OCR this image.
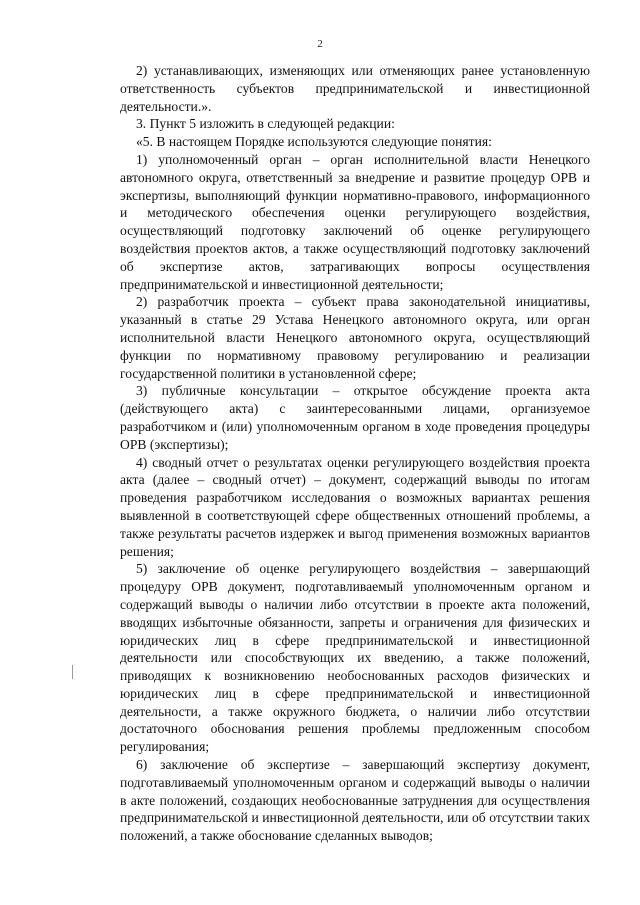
2

2) устанавливающих, изменяющих или отменяющих ранее установленную ответственность субъектов предпринимательской и инвестиционной деятельности.».

3. Пункт 5 изложить в следующей редакции:

«5. В настоящем Порядке используются следующие понятия:

1) уполномоченный орган – орган исполнительной власти Ненецкого автономного округа, ответственный за внедрение и развитие процедур ОРВ и экспертизы, выполняющий функции нормативно-правового, информационного и методического обеспечения оценки регулирующего воздействия, осуществляющий подготовку заключений об оценке регулирующего воздействия проектов актов, а также осуществляющий подготовку заключений об экспертизе актов, затрагивающих вопросы осуществления предпринимательской и инвестиционной деятельности;

2) разработчик проекта – субъект права законодательной инициативы, указанный в статье 29 Устава Ненецкого автономного округа, или орган исполнительной власти Ненецкого автономного округа, осуществляющий функции по нормативному правовому регулированию и реализации государственной политики в установленной сфере;

3) публичные консультации – открытое обсуждение проекта акта (действующего акта) с заинтересованными лицами, организуемое разработчиком и (или) уполномоченным органом в ходе проведения процедуры ОРВ (экспертизы);

4) сводный отчет о результатах оценки регулирующего воздействия проекта акта (далее – сводный отчет) – документ, содержащий выводы по итогам проведения разработчиком исследования о возможных вариантах решения выявленной в соответствующей сфере общественных отношений проблемы, а также результаты расчетов издержек и выгод применения возможных вариантов решения;

5) заключение об оценке регулирующего воздействия – завершающий процедуру ОРВ документ, подготавливаемый уполномоченным органом и содержащий выводы о наличии либо отсутствии в проекте акта положений, вводящих избыточные обязанности, запреты и ограничения для физических и юридических лиц в сфере предпринимательской и инвестиционной деятельности или способствующих их введению, а также положений, приводящих к возникновению необоснованных расходов физических и юридических лиц в сфере предпринимательской и инвестиционной деятельности, а также окружного бюджета, о наличии либо отсутствии достаточного обоснования решения проблемы предложенным способом регулирования;

6) заключение об экспертизе – завершающий экспертизу документ, подготавливаемый уполномоченным органом и содержащий выводы о наличии в акте положений, создающих необоснованные затруднения для осуществления предпринимательской и инвестиционной деятельности, или об отсутствии таких положений, а также обоснование сделанных выводов;
